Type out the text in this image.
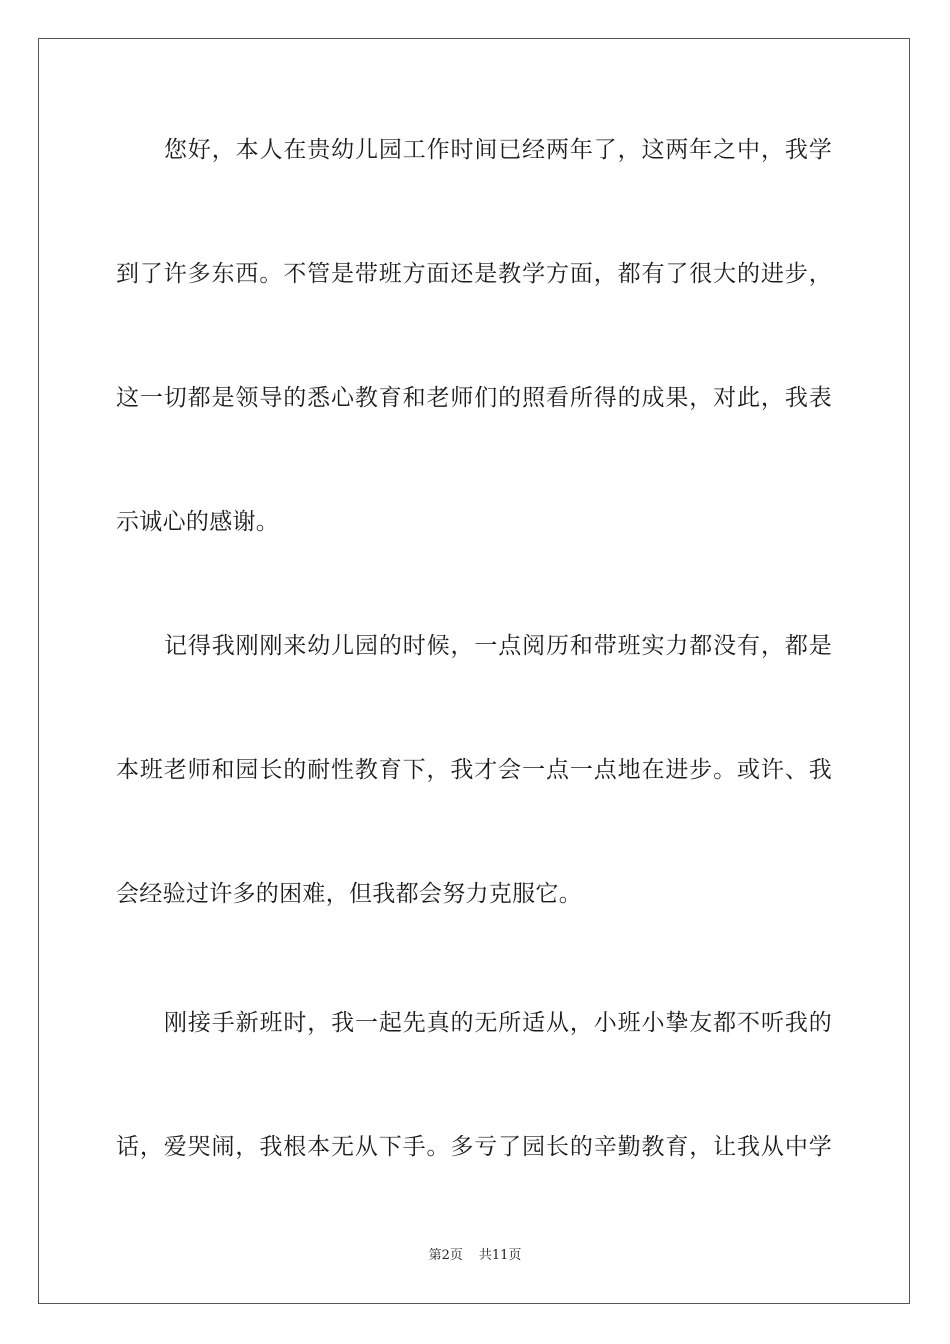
您好，本人在贵幼儿园工作时间已经两年了，这两年之中，我学
到了许多东西。不管是带班方面还是教学方面，都有了很大的进步，
这一切都是领导的悉心教育和老师们的照看所得的成果，对此，我表
示诚心的感谢。
记得我刚刚来幼儿园的时候，一点阅历和带班实力都没有，都是
本班老师和园长的耐性教育下，我才会一点一点地在进步。或许、我
会经验过许多的困难，但我都会努力克服它。
刚接手新班时，我一起先真的无所适从，小班小挚友都不听我的
话，爱哭闹，我根本无从下手。多亏了园长的辛勤教育，让我从中学
第2页 共11页
